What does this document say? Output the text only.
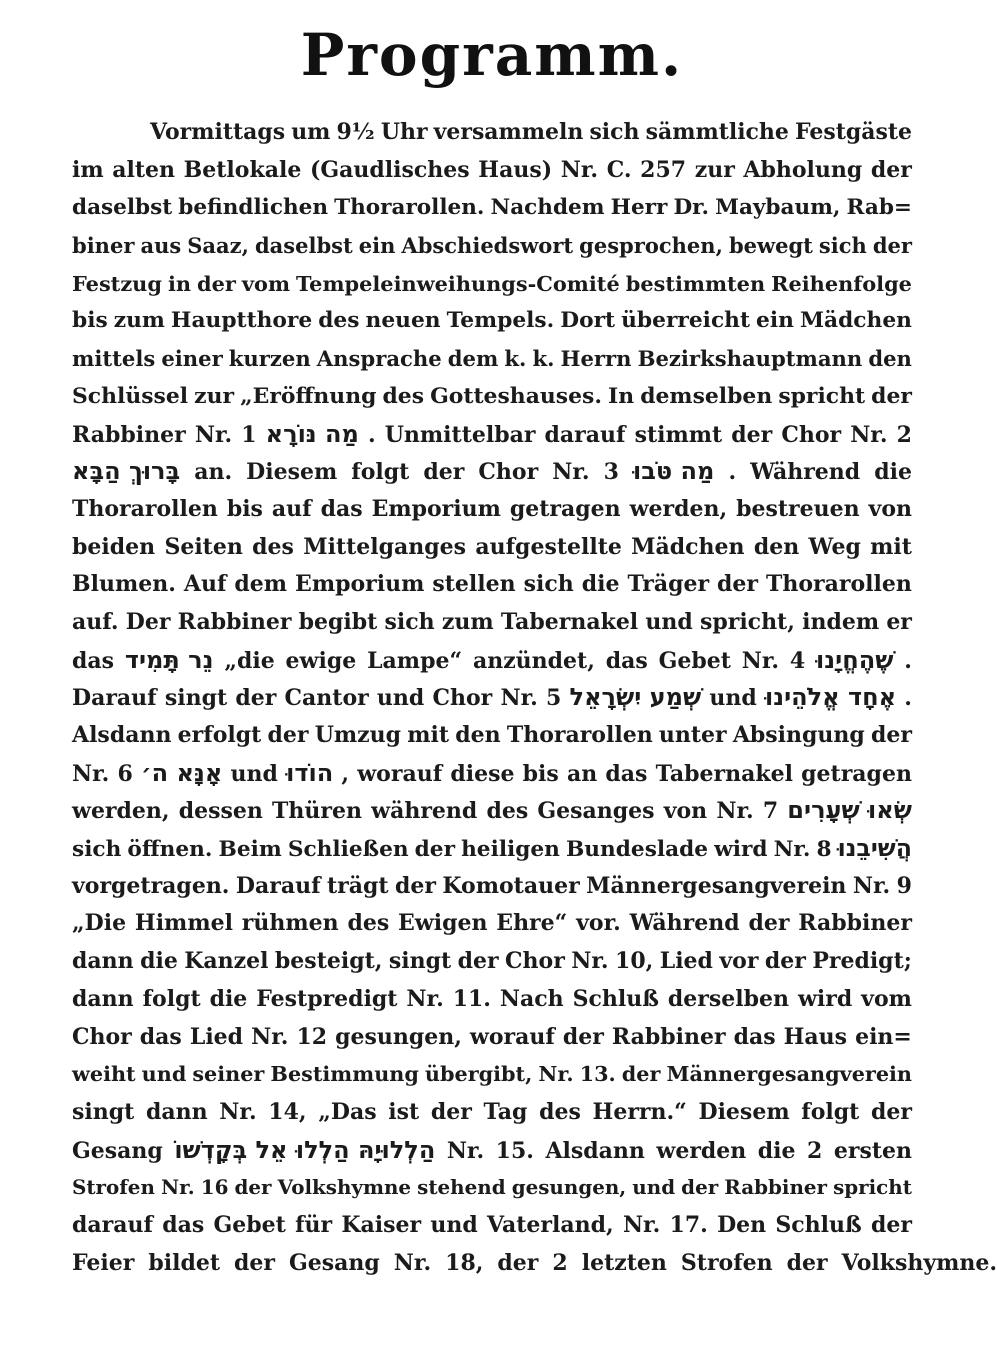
Programm.
Vormittags um 9½ Uhr versammeln sich sämmtliche Festgäste
im alten Betlokale (Gaudlisches Haus) Nr. C. 257 zur Abholung der
daselbst befindlichen Thorarollen. Nachdem Herr Dr. Maybaum, Rab=
biner aus Saaz, daselbst ein Abschiedswort gesprochen, bewegt sich der
Festzug in der vom Tempeleinweihungs-Comité bestimmten Reihenfolge
bis zum Hauptthore des neuen Tempels. Dort überreicht ein Mädchen
mittels einer kurzen Ansprache dem k. k. Herrn Bezirkshauptmann den
Schlüssel zur „Eröffnung des Gotteshauses. In demselben spricht der
Rabbiner Nr. 1 מַה נּוֹרָא . Unmittelbar darauf stimmt der Chor Nr. 2
בָּרוּךְ הַבָּא an. Diesem folgt der Chor Nr. 3 מַה טֹּבוּ . Während die
Thorarollen bis auf das Emporium getragen werden, bestreuen von
beiden Seiten des Mittelganges aufgestellte Mädchen den Weg mit
Blumen. Auf dem Emporium stellen sich die Träger der Thorarollen
auf. Der Rabbiner begibt sich zum Tabernakel und spricht, indem er
das נֵר תָּמִיד „die ewige Lampe“ anzündet, das Gebet Nr. 4 שֶׁהֶחֱיָנוּ .
Darauf singt der Cantor und Chor Nr. 5 שְׁמַע יִשְׂרָאֵל und אֶחָד אֱלֹהֵינוּ .
Alsdann erfolgt der Umzug mit den Thorarollen unter Absingung der
Nr. 6 אָנָּא ה׳ und הוֹדוּ , worauf diese bis an das Tabernakel getragen
werden, dessen Thüren während des Gesanges von Nr. 7 שְׂאוּ שְׁעָרִים
sich öffnen. Beim Schließen der heiligen Bundeslade wird Nr. 8 הֲשִׁיבֵנוּ
vorgetragen. Darauf trägt der Komotauer Männergesangverein Nr. 9
„Die Himmel rühmen des Ewigen Ehre“ vor. Während der Rabbiner
dann die Kanzel besteigt, singt der Chor Nr. 10, Lied vor der Predigt;
dann folgt die Festpredigt Nr. 11. Nach Schluß derselben wird vom
Chor das Lied Nr. 12 gesungen, worauf der Rabbiner das Haus ein=
weiht und seiner Bestimmung übergibt, Nr. 13. der Männergesangverein
singt dann Nr. 14, „Das ist der Tag des Herrn.“ Diesem folgt der
Gesang הַלְלוּיָהּ הַלְלוּ אֵל בְּקָדְשׁוֹ Nr. 15. Alsdann werden die 2 ersten
Strofen Nr. 16 der Volkshymne stehend gesungen, und der Rabbiner spricht
darauf das Gebet für Kaiser und Vaterland, Nr. 17. Den Schluß der
Feier bildet der Gesang Nr. 18, der 2 letzten Strofen der Volkshymne.
